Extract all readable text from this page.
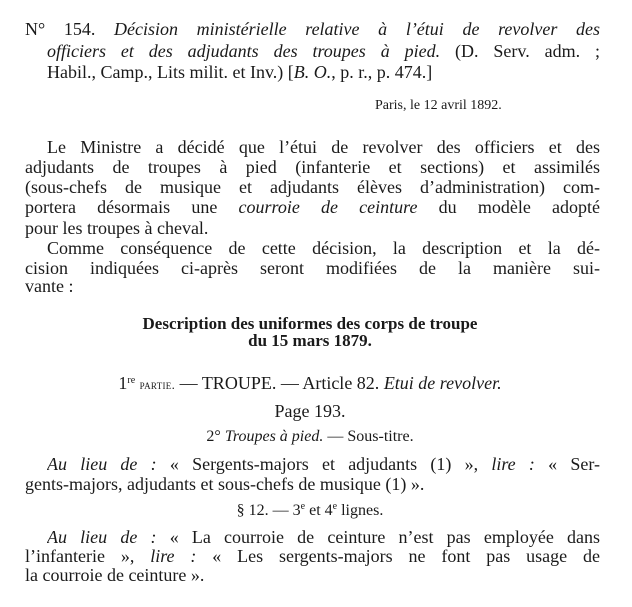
N° 154. Décision ministérielle relative à l’étui de revolver des
officiers et des adjudants des troupes à pied. (D. Serv. adm. ;
Habil., Camp., Lits milit. et Inv.) [B. O., p. r., p. 474.]
Paris, le 12 avril 1892.
Le Ministre a décidé que l’étui de revolver des officiers et des
adjudants de troupes à pied (infanterie et sections) et assimilés
(sous-chefs de musique et adjudants élèves d’administration) com-
portera désormais une courroie de ceinture du modèle adopté
pour les troupes à cheval.
Comme conséquence de cette décision, la description et la dé-
cision indiquées ci-après seront modifiées de la manière sui-
vante :
Description des uniformes des corps de troupe
du 15 mars 1879.
1re partie. — TROUPE. — Article 82. Etui de revolver.
Page 193.
2° Troupes à pied. — Sous-titre.
Au lieu de : « Sergents-majors et adjudants (1) », lire : « Ser-
gents-majors, adjudants et sous-chefs de musique (1) ».
§ 12. — 3e et 4e lignes.
Au lieu de : « La courroie de ceinture n’est pas employée dans
l’infanterie », lire : « Les sergents-majors ne font pas usage de
la courroie de ceinture ».
